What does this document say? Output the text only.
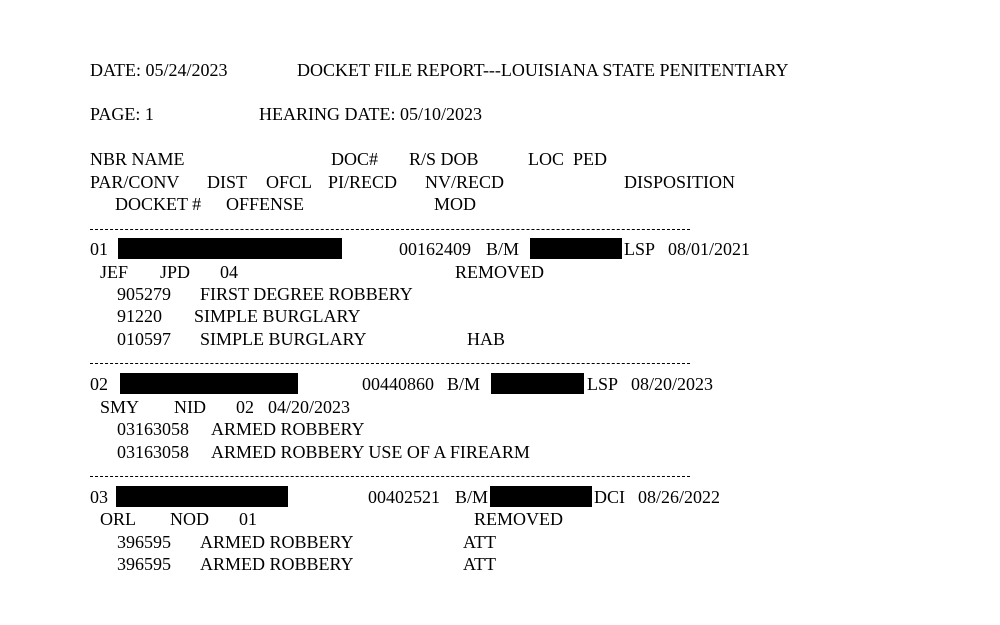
DATE: 05/24/2023	DOCKET FILE REPORT---LOUISIANA STATE PENITENTIARY
PAGE: 1	HEARING DATE: 05/10/2023
NBR NAME	DOC# R/S DOB	LOC  PED
PAR/CONV DIST OFCL PI/RECD NV/RECD	DISPOSITION
DOCKET # OFFENSE	MOD
01	00162409 B/M	LSP 08/01/2021
JEF JPD 04	REMOVED
905279 FIRST DEGREE ROBBERY
91220 SIMPLE BURGLARY
010597 SIMPLE BURGLARY	HAB
02	00440860 B/M	LSP 08/20/2023
SMY NID 02 04/20/2023
03163058 ARMED ROBBERY
03163058 ARMED ROBBERY USE OF A FIREARM
03	00402521 B/M	DCI 08/26/2022
ORL NOD 01	REMOVED
396595 ARMED ROBBERY	ATT
396595 ARMED ROBBERY	ATT
